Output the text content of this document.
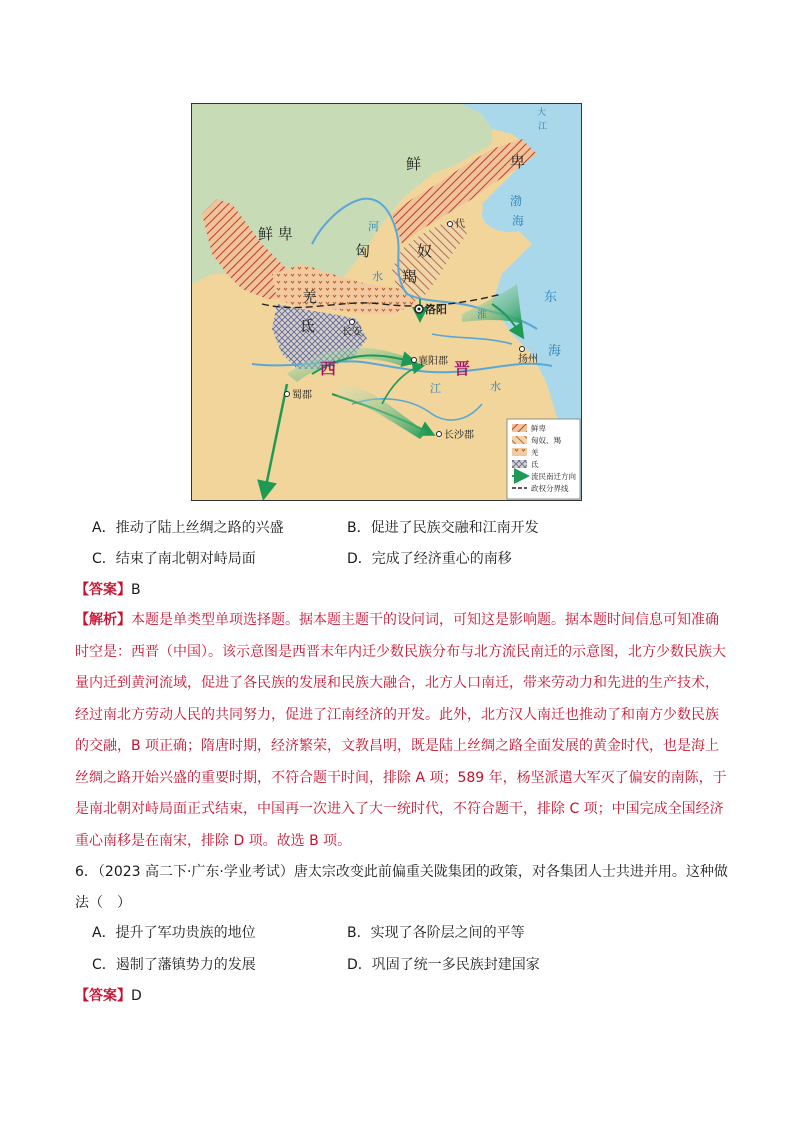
鲜	卑
鲜 卑
匈	奴
羯
羌
氐
代
洛阳
长安
襄阳郡	扬州
蜀郡
长沙郡
西	晋
河
水
淮
江	水
渤
海
东
海
大
江
鲜卑
匈奴、羯
羌
氐
流民南迁方向
政权分界线
A．推动了陆上丝绸之路的兴盛	B．促进了民族交融和江南开发
C．结束了南北朝对峙局面	D．完成了经济重心的南移
【答案】B
【解析】本题是单类型单项选择题。据本题主题干的设问词，可知这是影响题。据本题时间信息可知准确
时空是：西晋（中国）。该示意图是西晋末年内迁少数民族分布与北方流民南迁的示意图，北方少数民族大
量内迁到黄河流域，促进了各民族的发展和民族大融合，北方人口南迁，带来劳动力和先进的生产技术，
经过南北方劳动人民的共同努力，促进了江南经济的开发。此外，北方汉人南迁也推动了和南方少数民族
的交融，B 项正确；隋唐时期，经济繁荣，文教昌明，既是陆上丝绸之路全面发展的黄金时代，也是海上
丝绸之路开始兴盛的重要时期，不符合题干时间，排除 A 项；589 年，杨坚派遣大军灭了偏安的南陈，于
是南北朝对峙局面正式结束，中国再一次进入了大一统时代，不符合题干，排除 C 项；中国完成全国经济
重心南移是在南宋，排除 D 项。故选 B 项。
6．（2023 高二下·广东·学业考试）唐太宗改变此前偏重关陇集团的政策，对各集团人士共进并用。这种做
法（　）
A．提升了军功贵族的地位	B．实现了各阶层之间的平等
C．遏制了藩镇势力的发展	D．巩固了统一多民族封建国家
【答案】D
